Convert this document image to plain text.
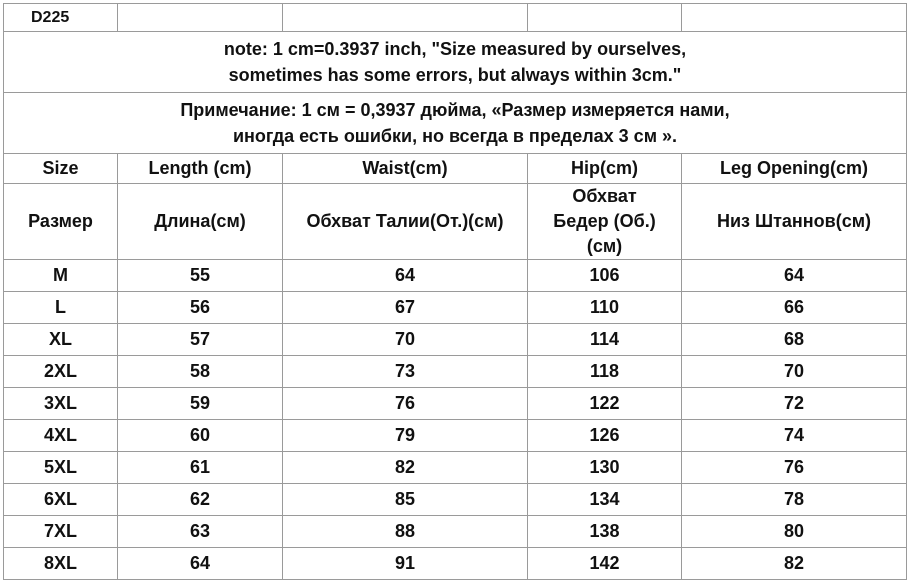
D225				

note: 1 cm=0.3937 inch, "Size measured by ourselves,
sometimes has some errors, but always within 3cm."				

Примечание: 1 см = 0,3937 дюйма, «Размер измеряется нами,
иногда есть ошибки, но всегда в пределах 3 см ».				

Size	Length (cm)	Waist(cm)	Hip(cm)	Leg Opening(cm)
Размер	Длина(см)	Обхват Талии(От.)(см)	Обхват Бедер (Об.)(см)	Низ Штаннов(см)
M	55	64	106	64
L	56	67	110	66
XL	57	70	114	68
2XL	58	73	118	70
3XL	59	76	122	72
4XL	60	79	126	74
5XL	61	82	130	76
6XL	62	85	134	78
7XL	63	88	138	80
8XL	64	91	142	82
